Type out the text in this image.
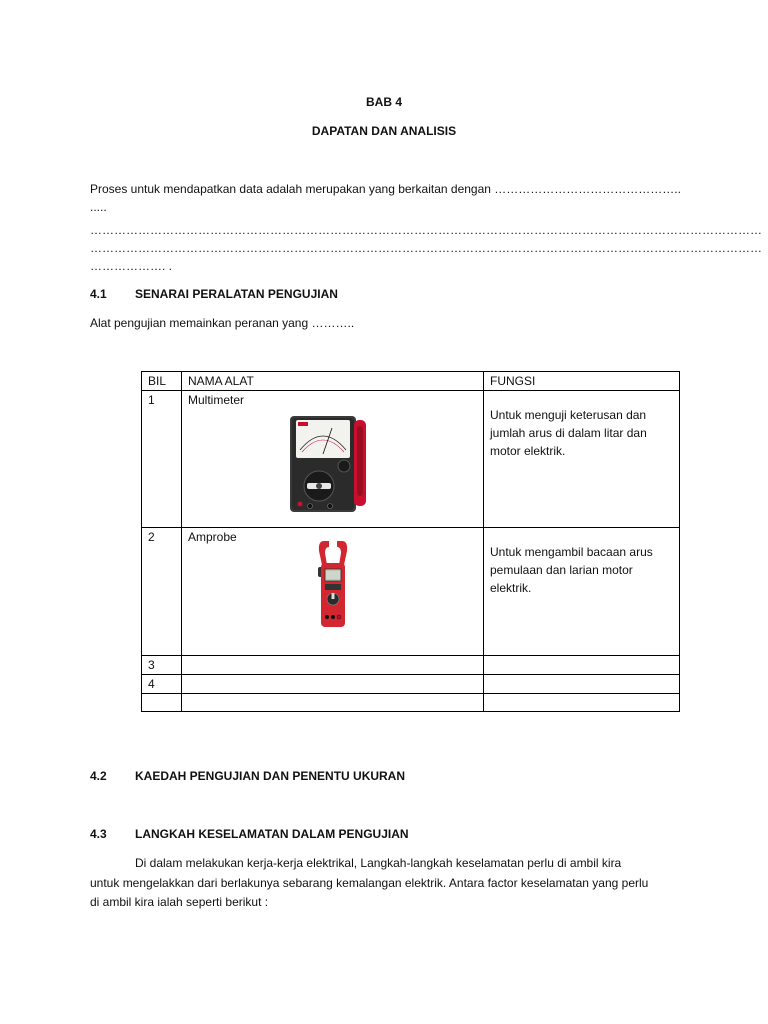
BAB 4
DAPATAN DAN ANALISIS
Proses untuk mendapatkan data adalah merupakan yang berkaitan dengan ………………………………………..
.....
……………………………………………………………………………………………………………………………………………………
……………………………………………………………………………………………………………………………………………………
………………. .
4.1 SENARAI PERALATAN PENGUJIAN
Alat pengujian memainkan peranan yang ………..
BIL	NAMA ALAT	FUNGSI
1	Multimeter	Untuk menguji keterusan dan jumlah arus di dalam litar dan motor elektrik.

2	Amprobe	Untuk mengambil bacaan arus pemulaan dan larian motor elektrik.

3		
4		

4.2 KAEDAH PENGUJIAN DAN PENENTU UKURAN
4.3 LANGKAH KESELAMATAN DALAM PENGUJIAN
Di dalam melakukan kerja-kerja elektrikal, Langkah-langkah keselamatan perlu di ambil kira
untuk mengelakkan dari berlakunya sebarang kemalangan elektrik. Antara factor keselamatan yang perlu
di ambil kira ialah seperti berikut :
